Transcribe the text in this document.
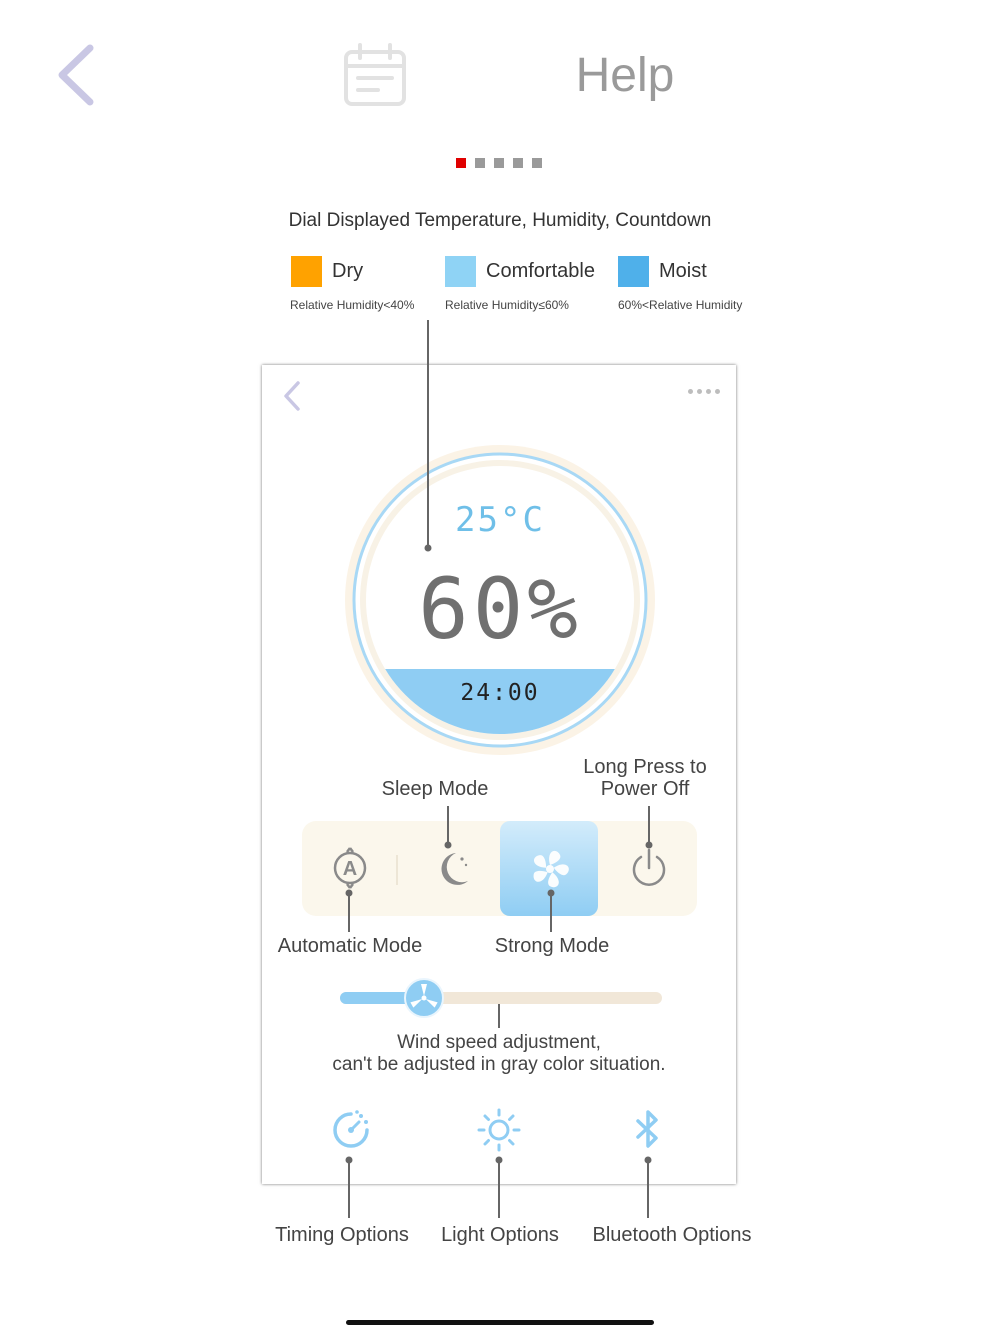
Help
Dial Displayed Temperature, Humidity, Countdown
Dry	Comfortable	Moist
Relative Humidity<40%	Relative Humidity≤60%	60%<Relative Humidity
25°C
60%
24:00
A
Sleep Mode
Long Press to
Power Off
Automatic Mode	Strong Mode
Wind speed adjustment,
can't be adjusted in gray color situation.
Timing Options	Light Options	Bluetooth Options
